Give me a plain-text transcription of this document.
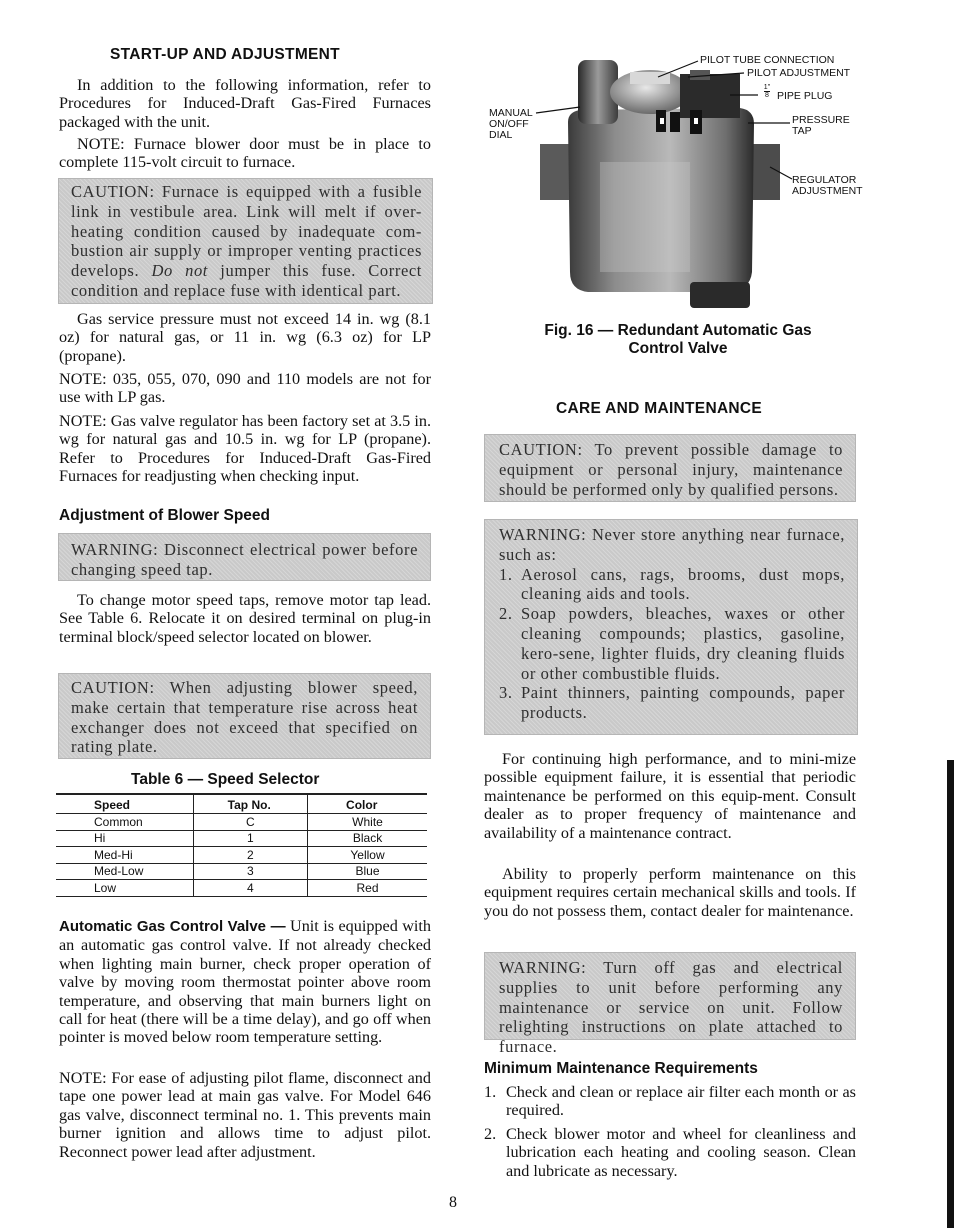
START-UP AND ADJUSTMENT
In addition to the following information, refer to Procedures for Induced-Draft Gas-Fired Furnaces packaged with the unit.
NOTE: Furnace blower door must be in place to complete 115-volt circuit to furnace.
CAUTION: Furnace is equipped with a fusible link in vestibule area. Link will melt if over-heating condition caused by inadequate com-bustion air supply or improper venting practices develops. Do not jumper this fuse. Correct condition and replace fuse with identical part.
Gas service pressure must not exceed 14 in. wg (8.1 oz) for natural gas, or 11 in. wg (6.3 oz) for LP (propane).
NOTE: 035, 055, 070, 090 and 110 models are not for use with LP gas.
NOTE: Gas valve regulator has been factory set at 3.5 in. wg for natural gas and 10.5 in. wg for LP (propane). Refer to Procedures for Induced-Draft Gas-Fired Furnaces for readjusting when checking input.
Adjustment of Blower Speed
WARNING: Disconnect electrical power before changing speed tap.
To change motor speed taps, remove motor tap lead. See Table 6. Relocate it on desired terminal on plug-in terminal block/speed selector located on blower.
CAUTION: When adjusting blower speed, make certain that temperature rise across heat exchanger does not exceed that specified on rating plate.
Table 6 — Speed Selector
Speed	Tap No.	Color
Common	C	White
Hi	1	Black
Med-Hi	2	Yellow
Med-Low	3	Blue
Low	4	Red
Automatic Gas Control Valve — Unit is equipped with an automatic gas control valve. If not already checked when lighting main burner, check proper operation of valve by moving room thermostat pointer above room temperature, and observing that main burners light on call for heat (there will be a time delay), and go off when pointer is moved below room temperature setting.
NOTE: For ease of adjusting pilot flame, disconnect and tape one power lead at main gas valve. For Model 646 gas valve, disconnect terminal no. 1. This prevents main burner ignition and allows time to adjust pilot. Reconnect power lead after adjustment.
PILOT TUBE CONNECTION
PILOT ADJUSTMENT
1"
8 PIPE PLUG
MANUAL
ON/OFF
DIAL
PRESSURE
TAP
REGULATOR
ADJUSTMENT
Fig. 16 — Redundant Automatic Gas
Control Valve
CARE AND MAINTENANCE
CAUTION: To prevent possible damage to equipment or personal injury, maintenance should be performed only by qualified persons.
WARNING: Never store anything near furnace, such as:
1. Aerosol cans, rags, brooms, dust mops, cleaning aids and tools.
2. Soap powders, bleaches, waxes or other cleaning compounds; plastics, gasoline, kero-sene, lighter fluids, dry cleaning fluids or other combustible fluids.
3. Paint thinners, painting compounds, paper products.
For continuing high performance, and to mini-mize possible equipment failure, it is essential that periodic maintenance be performed on this equip-ment. Consult dealer as to proper frequency of maintenance and availability of a maintenance contract.
Ability to properly perform maintenance on this equipment requires certain mechanical skills and tools. If you do not possess them, contact dealer for maintenance.
WARNING: Turn off gas and electrical supplies to unit before performing any maintenance or service on unit. Follow relighting instructions on plate attached to furnace.
Minimum Maintenance Requirements
1. Check and clean or replace air filter each month or as required.
2. Check blower motor and wheel for cleanliness and lubrication each heating and cooling season. Clean and lubricate as necessary.
8
